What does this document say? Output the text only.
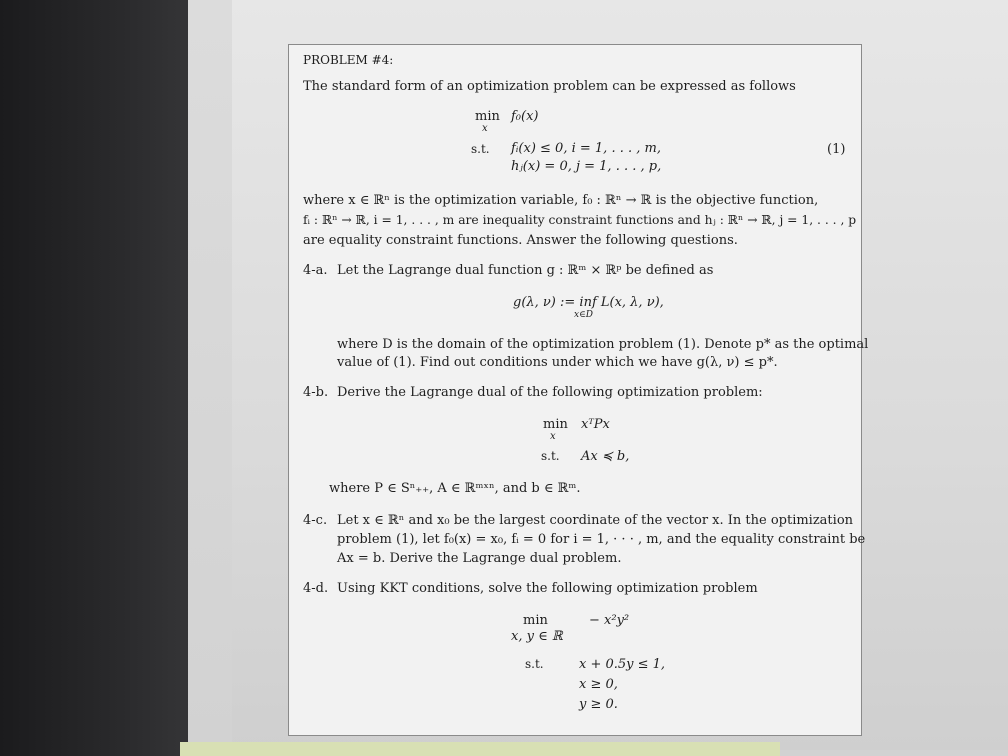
PROBLEM #4:
The standard form of an optimization problem can be expressed as follows
min
x
f₀(x)
s.t. fᵢ(x) ≤ 0, i = 1, . . . , m,
hⱼ(x) = 0, j = 1, . . . , p,
(1)
where x ∈ ℝⁿ is the optimization variable, f₀ : ℝⁿ → ℝ is the objective function,
fᵢ : ℝⁿ → ℝ, i = 1, . . . , m are inequality constraint functions and hⱼ : ℝⁿ → ℝ, j = 1, . . . , p
are equality constraint functions. Answer the following questions.
4-a. Let the Lagrange dual function g : ℝᵐ × ℝᵖ be defined as
g(λ, ν) := inf L(x, λ, ν),
x∈D
where D is the domain of the optimization problem (1). Denote p* as the optimal
value of (1). Find out conditions under which we have g(λ, ν) ≤ p*.
4-b. Derive the Lagrange dual of the following optimization problem:
min
x
xᵀPx
s.t. Ax ≼ b,
where P ∈ Sⁿ₊₊, A ∈ ℝᵐˣⁿ, and b ∈ ℝᵐ.
4-c. Let x ∈ ℝⁿ and x₀ be the largest coordinate of the vector x. In the optimization
problem (1), let f₀(x) = x₀, fᵢ = 0 for i = 1, · · · , m, and the equality constraint be
Ax = b. Derive the Lagrange dual problem.
4-d. Using KKT conditions, solve the following optimization problem
min
x, y ∈ ℝ
− x²y²
s.t.	x + 0.5y ≤ 1,
x ≥ 0,
y ≥ 0.
